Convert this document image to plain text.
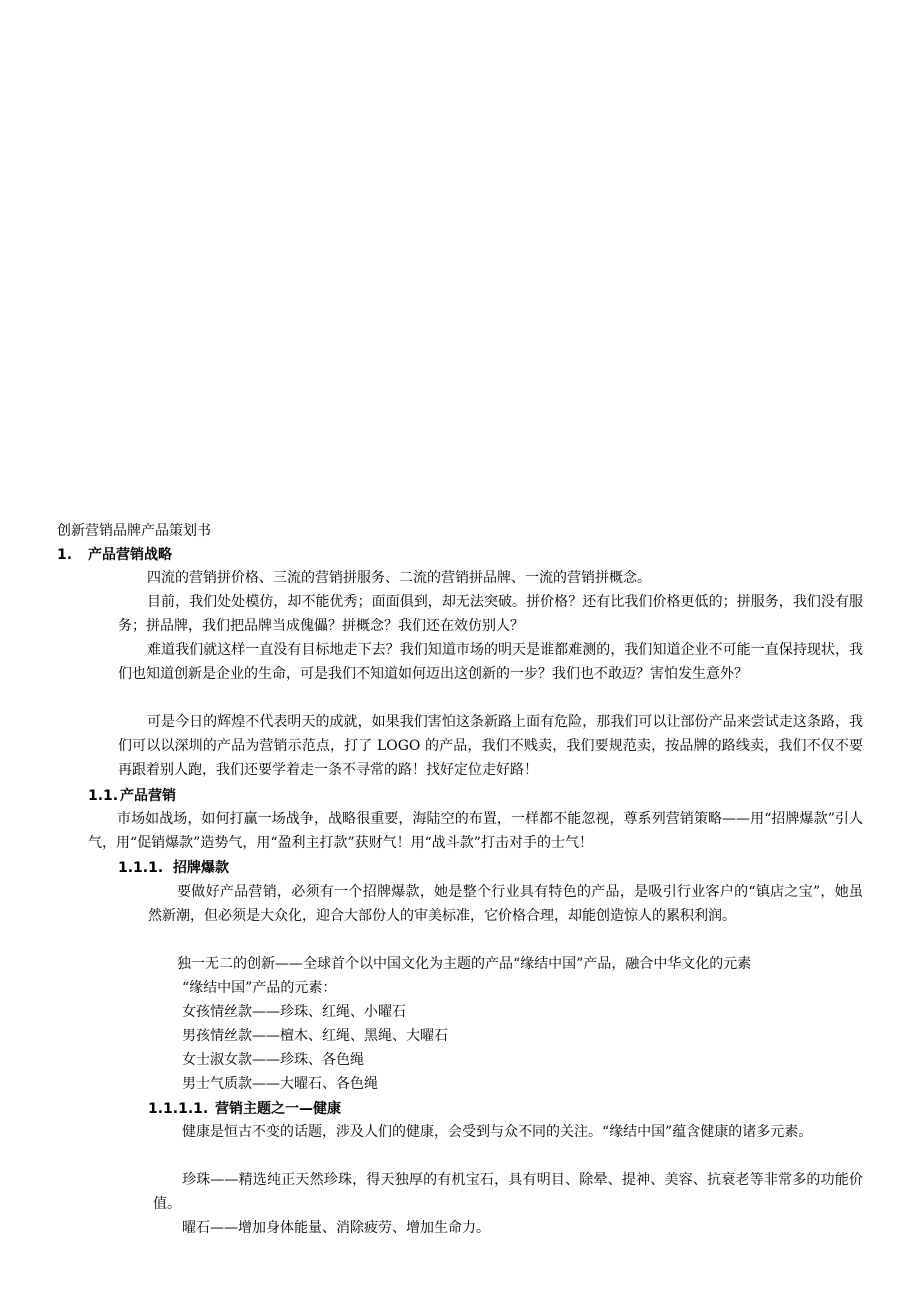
创新营销品牌产品策划书
1. 产品营销战略

四流的营销拼价格、三流的营销拼服务、二流的营销拼品牌、一流的营销拼概念。

目前，我们处处模仿，却不能优秀；面面俱到，却无法突破。拼价格？还有比我们价格更低的；拼服务，我们没有服务；拼品牌，我们把品牌当成傀儡？拼概念？我们还在效仿别人？

难道我们就这样一直没有目标地走下去？我们知道市场的明天是谁都难测的，我们知道企业不可能一直保持现状，我们也知道创新是企业的生命，可是我们不知道如何迈出这创新的一步？我们也不敢迈？害怕发生意外？

可是今日的辉煌不代表明天的成就，如果我们害怕这条新路上面有危险，那我们可以让部份产品来尝试走这条路，我们可以以深圳的产品为营销示范点，打了 LOGO 的产品，我们不贱卖，我们要规范卖，按品牌的路线卖，我们不仅不要再跟着别人跑，我们还要学着走一条不寻常的路！找好定位走好路！

1.1. 产品营销

市场如战场，如何打赢一场战争，战略很重要，海陆空的布置，一样都不能忽视，尊系列营销策略——用“招牌爆款”引人气，用“促销爆款”造势气，用“盈利主打款”获财气！用“战斗款”打击对手的士气！

1.1.1. 招牌爆款

要做好产品营销，必须有一个招牌爆款，她是整个行业具有特色的产品，是吸引行业客户的“镇店之宝”，她虽然新潮，但必须是大众化，迎合大部份人的审美标准，它价格合理，却能创造惊人的累积利润。

独一无二的创新——全球首个以中国文化为主题的产品“缘结中国”产品，融合中华文化的元素

“缘结中国”产品的元素：

女孩情丝款——珍珠、红绳、小曜石

男孩情丝款——檀木、红绳、黑绳、大曜石

女士淑女款——珍珠、各色绳

男士气质款——大曜石、各色绳

1.1.1.1. 营销主题之一—健康

健康是恒古不变的话题，涉及人们的健康，会受到与众不同的关注。“缘结中国”蕴含健康的诸多元素。

珍珠——精选纯正天然珍珠，得天独厚的有机宝石，具有明目、除晕、提神、美容、抗衰老等非常多的功能价值。

曜石——增加身体能量、消除疲劳、增加生命力。
